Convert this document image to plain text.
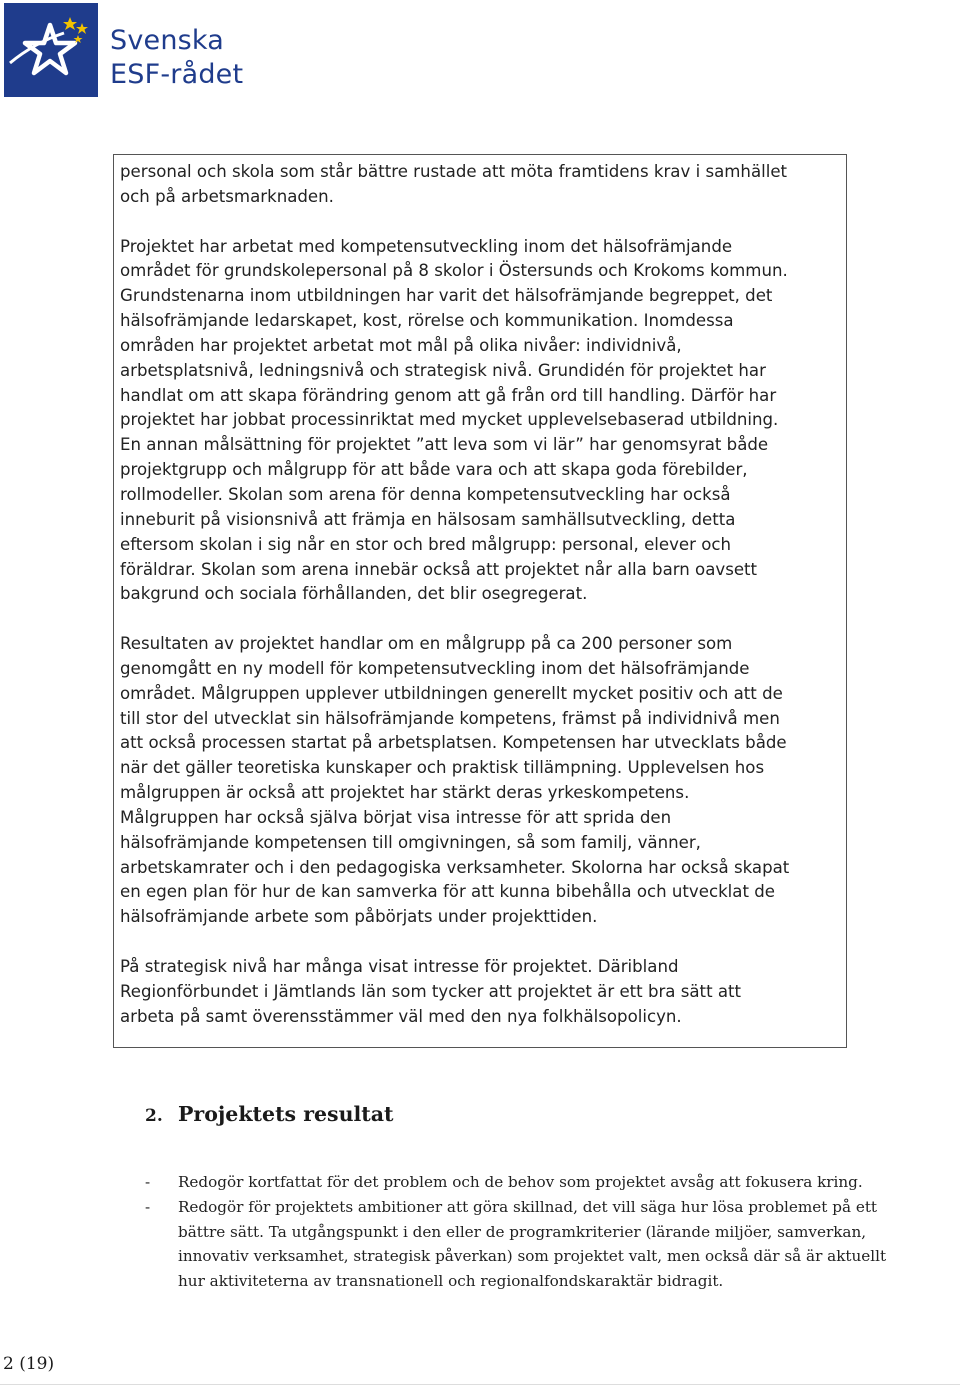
Svenska
ESF-rådet

personal och skola som står bättre rustade att möta framtidens krav i samhället
och på arbetsmarknaden.

Projektet har arbetat med kompetensutveckling inom det hälsofrämjande
området för grundskolepersonal på 8 skolor i Östersunds och Krokoms kommun.
Grundstenarna inom utbildningen har varit det hälsofrämjande begreppet, det
hälsofrämjande ledarskapet, kost, rörelse och kommunikation. Inomdessa
områden har projektet arbetat mot mål på olika nivåer: individnivå,
arbetsplatsnivå, ledningsnivå och strategisk nivå. Grundidén för projektet har
handlat om att skapa förändring genom att gå från ord till handling. Därför har
projektet har jobbat processinriktat med mycket upplevelsebaserad utbildning.
En annan målsättning för projektet ”att leva som vi lär” har genomsyrat både
projektgrupp och målgrupp för att både vara och att skapa goda förebilder,
rollmodeller. Skolan som arena för denna kompetensutveckling har också
inneburit på visionsnivå att främja en hälsosam samhällsutveckling, detta
eftersom skolan i sig når en stor och bred målgrupp: personal, elever och
föräldrar. Skolan som arena innebär också att projektet når alla barn oavsett
bakgrund och sociala förhållanden, det blir osegregerat.

Resultaten av projektet handlar om en målgrupp på ca 200 personer som
genomgått en ny modell för kompetensutveckling inom det hälsofrämjande
området. Målgruppen upplever utbildningen generellt mycket positiv och att de
till stor del utvecklat sin hälsofrämjande kompetens, främst på individnivå men
att också processen startat på arbetsplatsen. Kompetensen har utvecklats både
när det gäller teoretiska kunskaper och praktisk tillämpning. Upplevelsen hos
målgruppen är också att projektet har stärkt deras yrkeskompetens.
Målgruppen har också själva börjat visa intresse för att sprida den
hälsofrämjande kompetensen till omgivningen, så som familj, vänner,
arbetskamrater och i den pedagogiska verksamheter. Skolorna har också skapat
en egen plan för hur de kan samverka för att kunna bibehålla och utvecklat de
hälsofrämjande arbete som påbörjats under projekttiden.

På strategisk nivå har många visat intresse för projektet. Däribland
Regionförbundet i Jämtlands län som tycker att projektet är ett bra sätt att
arbeta på samt överensstämmer väl med den nya folkhälsopolicyn.

2. Projektets resultat
-	Redogör kortfattat för det problem och de behov som projektet avsåg att fokusera kring.
-	Redogör för projektets ambitioner att göra skillnad, det vill säga hur lösa problemet på ett
bättre sätt. Ta utgångspunkt i den eller de programkriterier (lärande miljöer, samverkan,
innovativ verksamhet, strategisk påverkan) som projektet valt, men också där så är aktuellt
hur aktiviteterna av transnationell och regionalfondskaraktär bidragit.
2 (19)
